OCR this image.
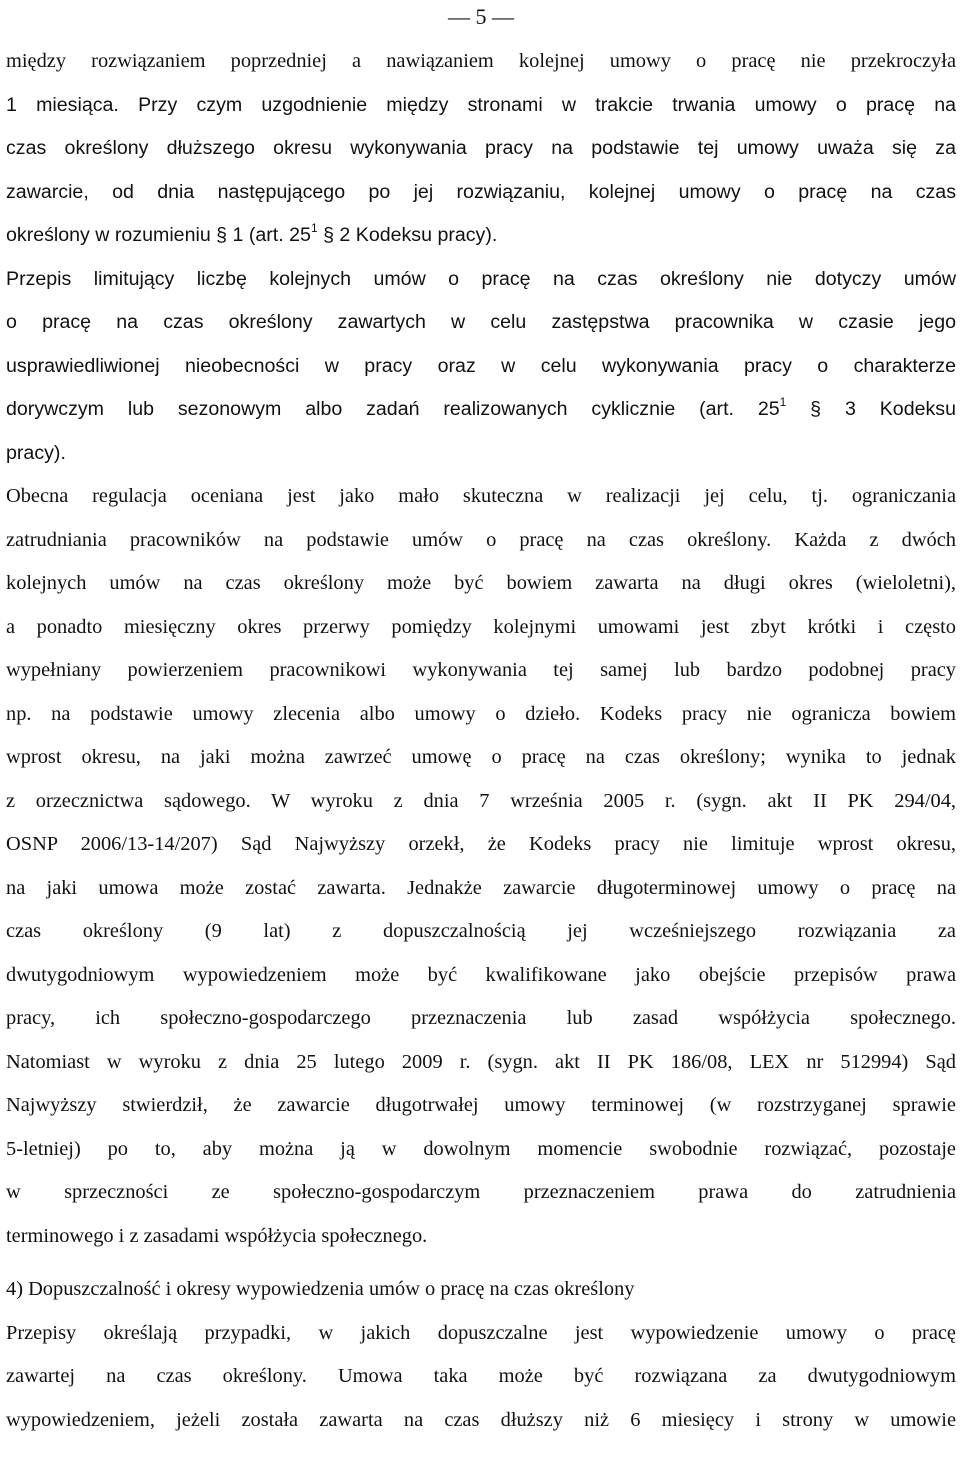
— 5 —
między rozwiązaniem poprzedniej a nawiązaniem kolejnej umowy o pracę nie przekroczyła
1 miesiąca. Przy czym uzgodnienie między stronami w trakcie trwania umowy o pracę na
czas określony dłuższego okresu wykonywania pracy na podstawie tej umowy uważa się za
zawarcie, od dnia następującego po jej rozwiązaniu, kolejnej umowy o pracę na czas
określony w rozumieniu § 1 (art. $25^1$ § 2 Kodeksu pracy).
Przepis limitujący liczbę kolejnych umów o pracę na czas określony nie dotyczy umów
o pracę na czas określony zawartych w celu zastępstwa pracownika w czasie jego
usprawiedliwionej nieobecności w pracy oraz w celu wykonywania pracy o charakterze
dorywczym lub sezonowym albo zadań realizowanych cyklicznie (art. $25^1$ § 3 Kodeksu
pracy).
Obecna regulacja oceniana jest jako mało skuteczna w realizacji jej celu, tj. ograniczania
zatrudniania pracowników na podstawie umów o pracę na czas określony. Każda z dwóch
kolejnych umów na czas określony może być bowiem zawarta na długi okres (wieloletni),
a ponadto miesięczny okres przerwy pomiędzy kolejnymi umowami jest zbyt krótki i często
wypełniany powierzeniem pracownikowi wykonywania tej samej lub bardzo podobnej pracy
np. na podstawie umowy zlecenia albo umowy o dzieło. Kodeks pracy nie ogranicza bowiem
wprost okresu, na jaki można zawrzeć umowę o pracę na czas określony; wynika to jednak
z orzecznictwa sądowego. W wyroku z dnia 7 września 2005 r. (sygn. akt II PK 294/04,
OSNP 2006/13-14/207) Sąd Najwyższy orzekł, że Kodeks pracy nie limituje wprost okresu,
na jaki umowa może zostać zawarta. Jednakże zawarcie długoterminowej umowy o pracę na
czas określony (9 lat) z dopuszczalnością jej wcześniejszego rozwiązania za
dwutygodniowym wypowiedzeniem może być kwalifikowane jako obejście przepisów prawa
pracy, ich społeczno-gospodarczego przeznaczenia lub zasad współżycia społecznego.
Natomiast w wyroku z dnia 25 lutego 2009 r. (sygn. akt II PK 186/08, LEX nr 512994) Sąd
Najwyższy stwierdził, że zawarcie długotrwałej umowy terminowej (w rozstrzyganej sprawie
5-letniej) po to, aby można ją w dowolnym momencie swobodnie rozwiązać, pozostaje
w sprzeczności ze społeczno-gospodarczym przeznaczeniem prawa do zatrudnienia
terminowego i z zasadami współżycia społecznego.
4) Dopuszczalność i okresy wypowiedzenia umów o pracę na czas określony
Przepisy określają przypadki, w jakich dopuszczalne jest wypowiedzenie umowy o pracę
zawartej na czas określony. Umowa taka może być rozwiązana za dwutygodniowym
wypowiedzeniem, jeżeli została zawarta na czas dłuższy niż 6 miesięcy i strony w umowie
